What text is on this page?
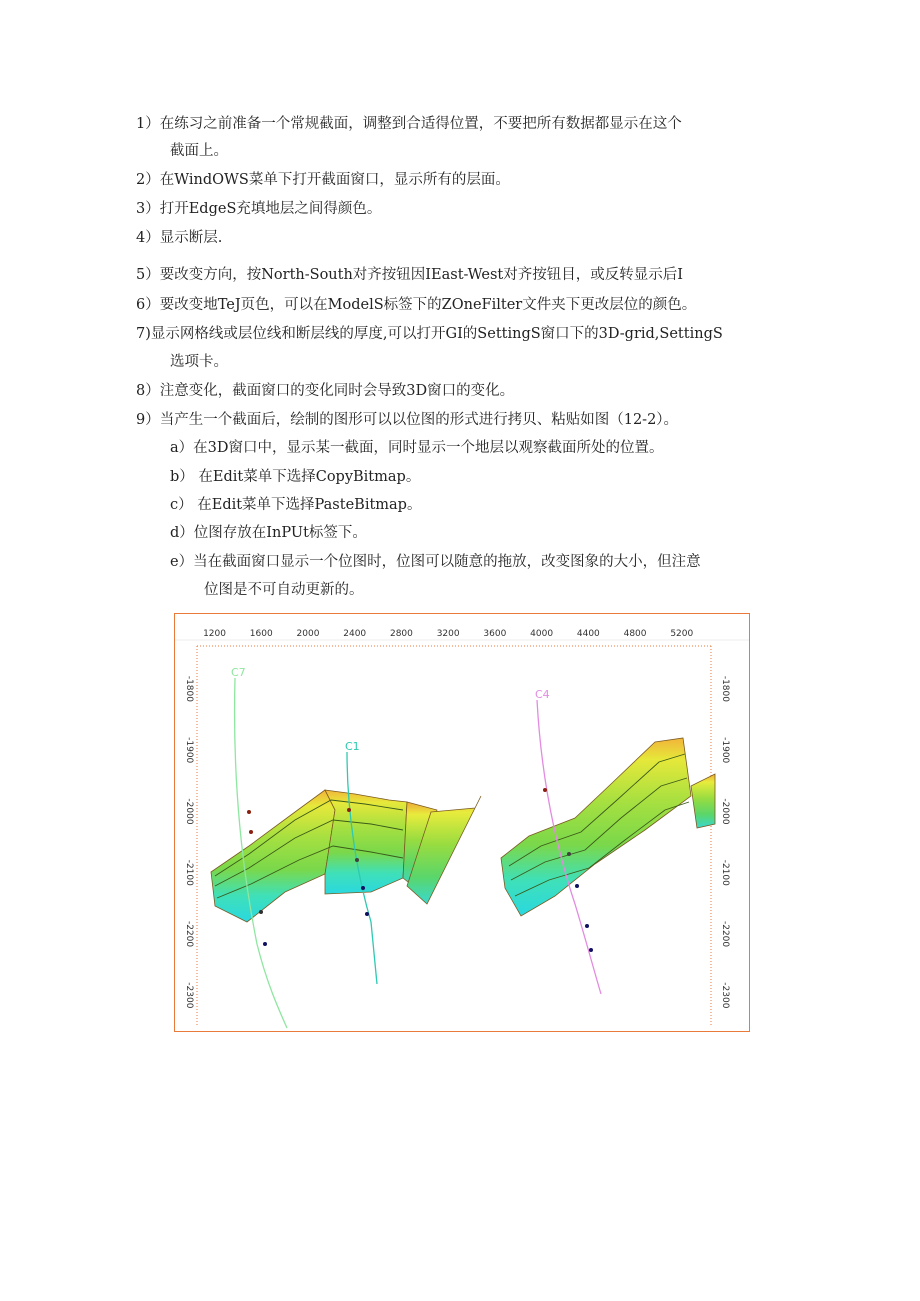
1）在练习之前准备一个常规截面，调整到合适得位置，不要把所有数据都显示在这个
截面上。
2）在WindOWS菜单下打开截面窗口，显示所有的层面。
3）打开EdgeS充填地层之间得颜色。
4）显示断层.
5）要改变方向，按North-South对齐按钮因IEast-West对齐按钮目，或反转显示后I
6）要改变地TeJ页色，可以在ModelS标签下的ZOneFilter文件夹下更改层位的颜色。
7)显示网格线或层位线和断层线的厚度,可以打开GI的SettingS窗口下的3D-grid,SettingS
选项卡。
8）注意变化，截面窗口的变化同时会导致3D窗口的变化。
9）当产生一个截面后，绘制的图形可以以位图的形式进行拷贝、粘贴如图（12-2）。
a）在3D窗口中，显示某一截面，同时显示一个地层以观察截面所处的位置。
b） 在Edit菜单下选择CopyBitmap。
c） 在Edit菜单下选择PasteBitmap。
d）位图存放在InPUt标签下。
e）当在截面窗口显示一个位图时，位图可以随意的拖放，改变图象的大小，但注意
位图是不可自动更新的。
C7
C1
C4
1200	1600	2000	2400	2800	3200	3600	4000	4400	4800	5200
-1800	-1800
-1900	-1900
-2000	-2000
-2100	-2100
-2200	-2200
-2300	-2300
